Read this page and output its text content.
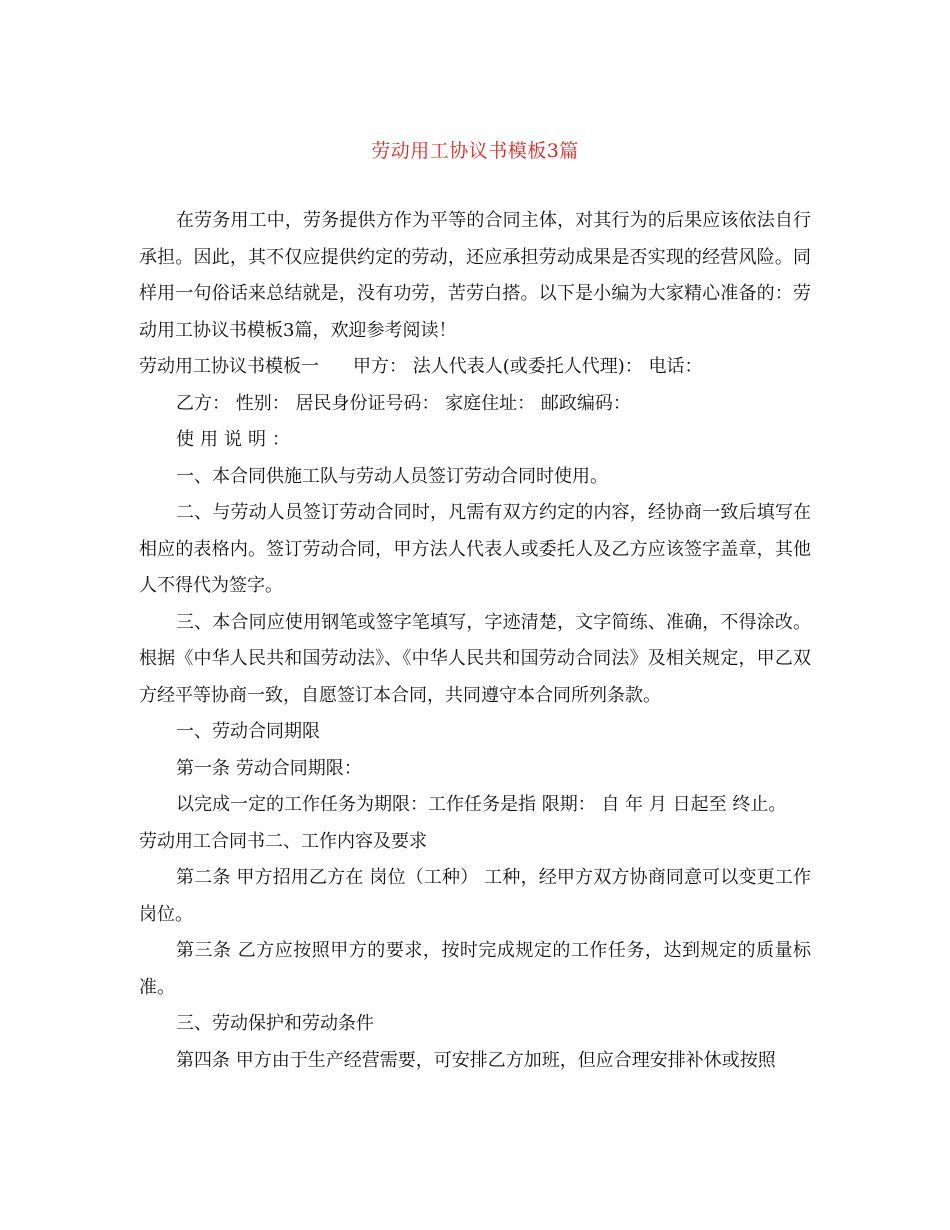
劳动用工协议书模板3篇

在劳务用工中，劳务提供方作为平等的合同主体，对其行为的后果应该依法自行承担。因此，其不仅应提供约定的劳动，还应承担劳动成果是否实现的经营风险。同样用一句俗话来总结就是，没有功劳，苦劳白搭。以下是小编为大家精心准备的：劳动用工协议书模板3篇，欢迎参考阅读！

劳动用工协议书模板一 甲方： 法人代表人(或委托人代理)： 电话：

乙方： 性别： 居民身份证号码： 家庭住址： 邮政编码：

使用说明：

一、本合同供施工队与劳动人员签订劳动合同时使用。

二、与劳动人员签订劳动合同时，凡需有双方约定的内容，经协商一致后填写在相应的表格内。签订劳动合同，甲方法人代表人或委托人及乙方应该签字盖章，其他人不得代为签字。

三、本合同应使用钢笔或签字笔填写，字迹清楚，文字简练、准确，不得涂改。根据《中华人民共和国劳动法》、《中华人民共和国劳动合同法》及相关规定，甲乙双方经平等协商一致，自愿签订本合同，共同遵守本合同所列条款。

一、劳动合同期限

第一条 劳动合同期限：

以完成一定的工作任务为期限：工作任务是指 限期： 自 年 月 日起至 终止。

劳动用工合同书二、工作内容及要求

第二条 甲方招用乙方在 岗位（工种） 工种，经甲方双方协商同意可以变更工作岗位。

第三条 乙方应按照甲方的要求，按时完成规定的工作任务，达到规定的质量标准。

三、劳动保护和劳动条件

第四条 甲方由于生产经营需要，可安排乙方加班，但应合理安排补休或按照
